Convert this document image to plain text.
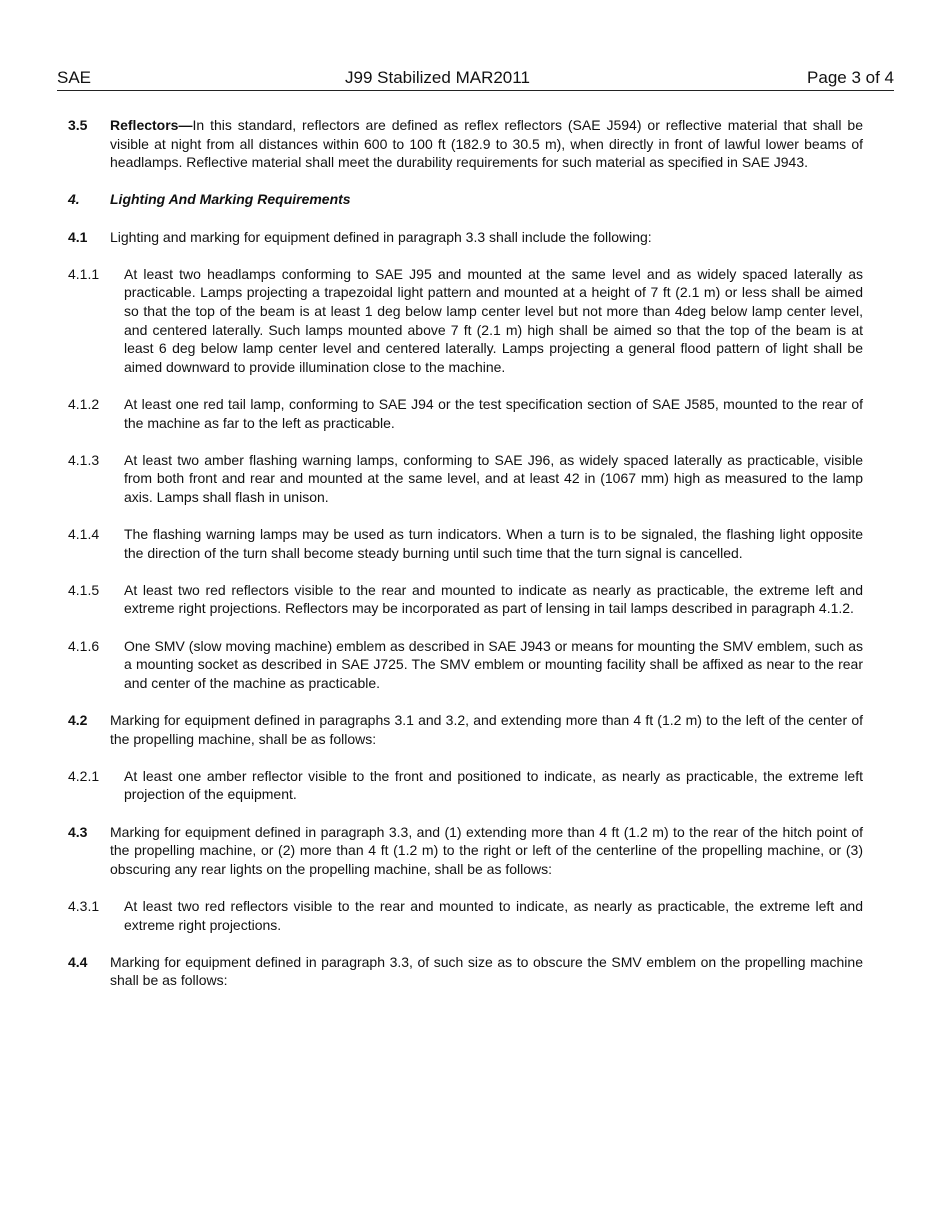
SAE	J99 Stabilized MAR2011	Page 3 of 4
3.5	Reflectors—In this standard, reflectors are defined as reflex reflectors (SAE J594) or reflective material that shall be visible at night from all distances within 600 to 100 ft (182.9 to 30.5 m), when directly in front of lawful lower beams of headlamps. Reflective material shall meet the durability requirements for such material as specified in SAE J943.
4.	Lighting And Marking Requirements
4.1	Lighting and marking for equipment defined in paragraph 3.3 shall include the following:
4.1.1	At least two headlamps conforming to SAE J95 and mounted at the same level and as widely spaced laterally as practicable. Lamps projecting a trapezoidal light pattern and mounted at a height of 7 ft (2.1 m) or less shall be aimed so that the top of the beam is at least 1 deg below lamp center level but not more than 4deg below lamp center level, and centered laterally. Such lamps mounted above 7 ft (2.1 m) high shall be aimed so that the top of the beam is at least 6 deg below lamp center level and centered laterally. Lamps projecting a general flood pattern of light shall be aimed downward to provide illumination close to the machine.
4.1.2	At least one red tail lamp, conforming to SAE J94 or the test specification section of SAE J585, mounted to the rear of the machine as far to the left as practicable.
4.1.3	At least two amber flashing warning lamps, conforming to SAE J96, as widely spaced laterally as practicable, visible from both front and rear and mounted at the same level, and at least 42 in (1067 mm) high as measured to the lamp axis. Lamps shall flash in unison.
4.1.4	The flashing warning lamps may be used as turn indicators. When a turn is to be signaled, the flashing light opposite the direction of the turn shall become steady burning until such time that the turn signal is cancelled.
4.1.5	At least two red reflectors visible to the rear and mounted to indicate as nearly as practicable, the extreme left and extreme right projections. Reflectors may be incorporated as part of lensing in tail lamps described in paragraph 4.1.2.
4.1.6	One SMV (slow moving machine) emblem as described in SAE J943 or means for mounting the SMV emblem, such as a mounting socket as described in SAE J725. The SMV emblem or mounting facility shall be affixed as near to the rear and center of the machine as practicable.
4.2	Marking for equipment defined in paragraphs 3.1 and 3.2, and extending more than 4 ft (1.2 m) to the left of the center of the propelling machine, shall be as follows:
4.2.1	At least one amber reflector visible to the front and positioned to indicate, as nearly as practicable, the extreme left projection of the equipment.
4.3	Marking for equipment defined in paragraph 3.3, and (1) extending more than 4 ft (1.2 m) to the rear of the hitch point of the propelling machine, or (2) more than 4 ft (1.2 m) to the right or left of the centerline of the propelling machine, or (3) obscuring any rear lights on the propelling machine, shall be as follows:
4.3.1	At least two red reflectors visible to the rear and mounted to indicate, as nearly as practicable, the extreme left and extreme right projections.
4.4	Marking for equipment defined in paragraph 3.3, of such size as to obscure the SMV emblem on the propelling machine shall be as follows:
